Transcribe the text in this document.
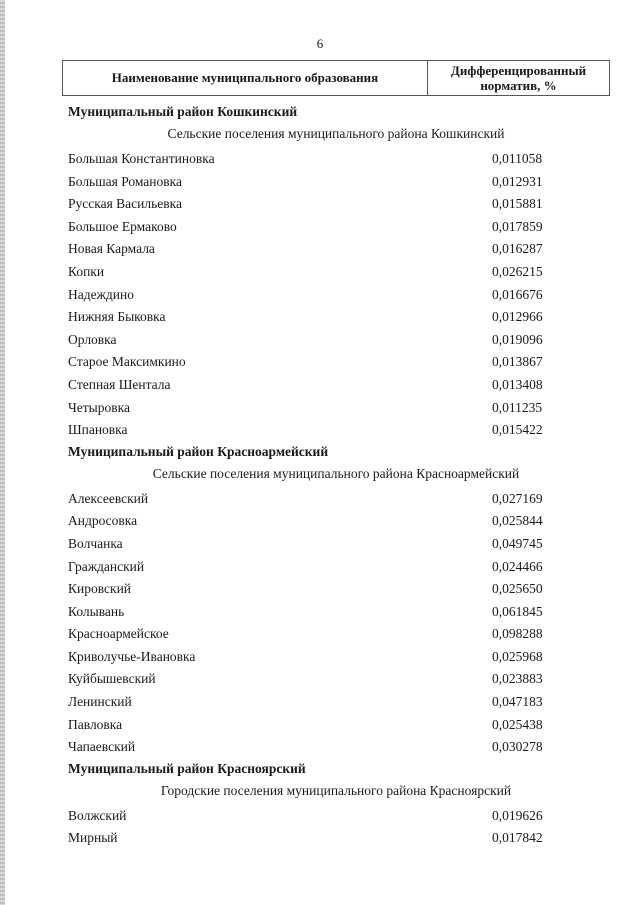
6
Наименование муниципального образования	Дифференцированный
норматив, %
Муниципальный район Кошкинский
Сельские поселения муниципального района Кошкинский
Большая Константиновка	0,011058
Большая Романовка	0,012931
Русская Васильевка	0,015881
Большое Ермаково	0,017859
Новая Кармала	0,016287
Копки	0,026215
Надеждино	0,016676
Нижняя Быковка	0,012966
Орловка	0,019096
Старое Максимкино	0,013867
Степная Шентала	0,013408
Четыровка	0,011235
Шпановка	0,015422
Муниципальный район Красноармейский
Сельские поселения муниципального района Красноармейский
Алексеевский	0,027169
Андросовка	0,025844
Волчанка	0,049745
Гражданский	0,024466
Кировский	0,025650
Колывань	0,061845
Красноармейское	0,098288
Криволучье-Ивановка	0,025968
Куйбышевский	0,023883
Ленинский	0,047183
Павловка	0,025438
Чапаевский	0,030278
Муниципальный район Красноярский
Городские поселения муниципального района Красноярский
Волжский	0,019626
Мирный	0,017842
